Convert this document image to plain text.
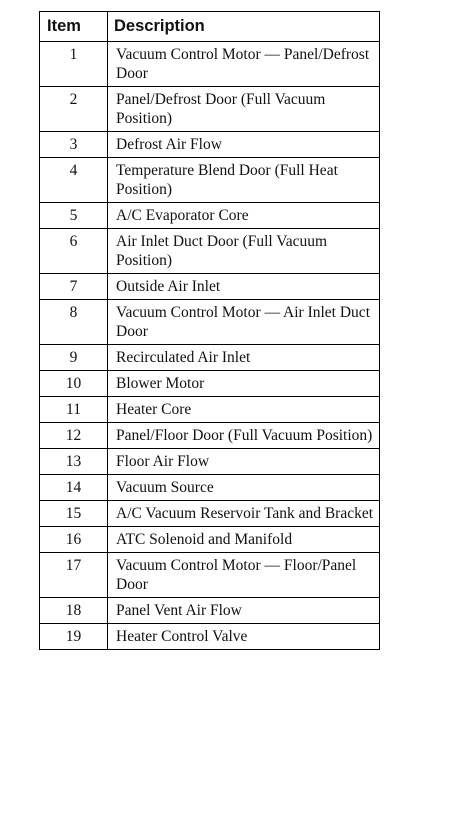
Item	Description
1	Vacuum Control Motor — Panel/Defrost Door
2	Panel/Defrost Door (Full Vacuum Position)
3	Defrost Air Flow
4	Temperature Blend Door (Full Heat Position)
5	A/C Evaporator Core
6	Air Inlet Duct Door (Full Vacuum Position)
7	Outside Air Inlet
8	Vacuum Control Motor — Air Inlet Duct Door
9	Recirculated Air Inlet
10	Blower Motor
11	Heater Core
12	Panel/Floor Door (Full Vacuum Position)
13	Floor Air Flow
14	Vacuum Source
15	A/C Vacuum Reservoir Tank and Bracket
16	ATC Solenoid and Manifold
17	Vacuum Control Motor — Floor/Panel Door
18	Panel Vent Air Flow
19	Heater Control Valve
